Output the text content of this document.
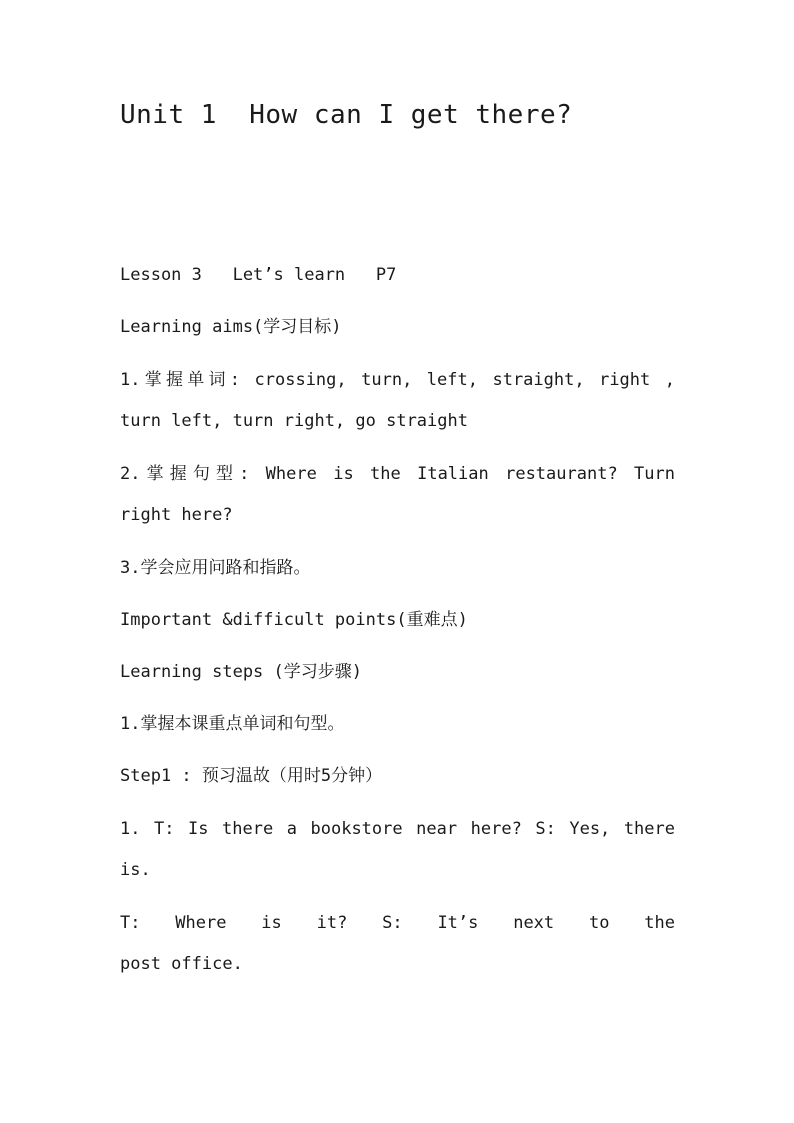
Unit 1  How can I get there?

Lesson 3   Let’s learn   P7

Learning aims(学习目标)

1.掌握单词: crossing, turn, left, straight, right ,

turn left, turn right, go straight

2.掌握句型: Where is the Italian restaurant? Turn

right here?

3.学会应用问路和指路。

Important &difficult points(重难点)

Learning steps (学习步骤)

1.掌握本课重点单词和句型。

Step1 : 预习温故（用时5分钟）

1. T: Is there a bookstore near here? S: Yes, there

is.

T: Where is it? S: It’s next to the

post office.
